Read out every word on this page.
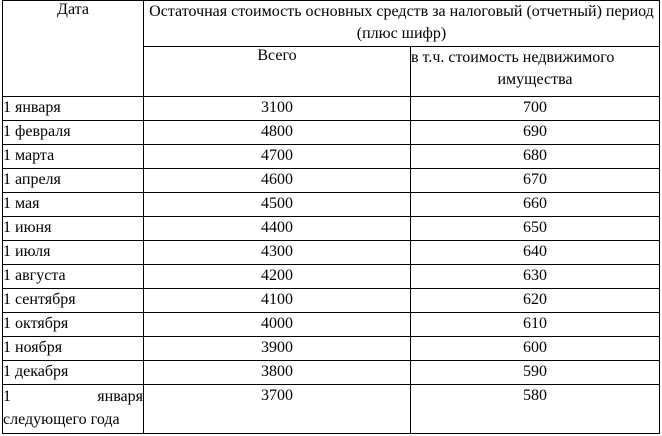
Дата	Остаточная стоимость основных средств за налоговый (отчетный) период (плюс шифр)	
	Всего	в т.ч. стоимость недвижимого
имущества

1 января	3100	700
1 февраля	4800	690
1 марта	4700	680
1 апреля	4600	670
1 мая	4500	660
1 июня	4400	650
1 июля	4300	640
1 августа	4200	630
1 сентября	4100	620
1 октября	4000	610
1 ноября	3900	600
1 декабря	3800	590

1 января
следующего года	3700	580
